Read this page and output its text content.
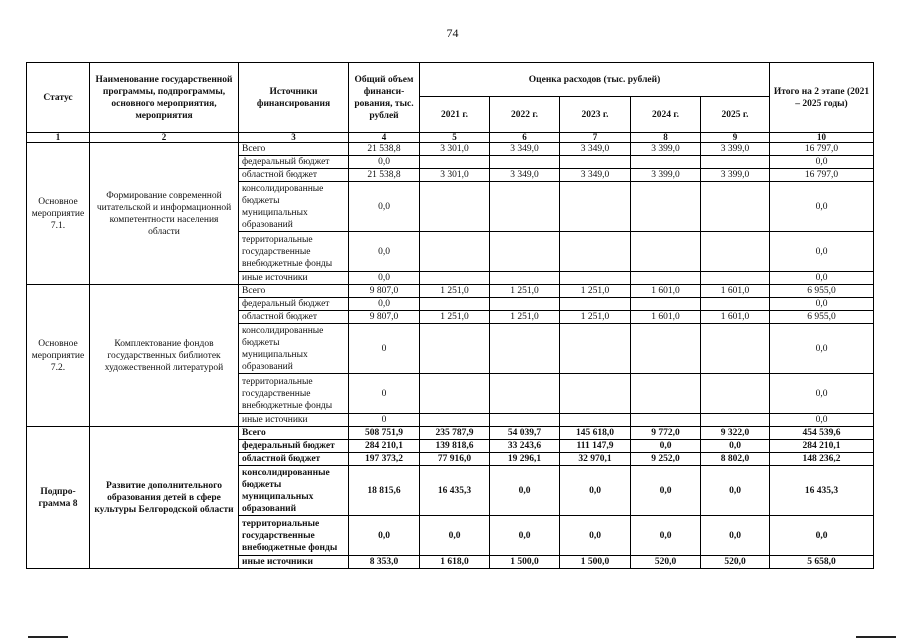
74
Статус	Наименование государственной программы, подпрограммы, основного мероприятия, мероприятия	Источники финансирования	Общий объем финанси-рования, тыс. рублей	Оценка расходов (тыс. рублей)					Итого на 2 этапе (2021 – 2025 годы)
				2021 г.	2022 г.	2023 г.	2024 г.	2025 г.	
1	2	3	4	5	6	7	8	9	10
Основное мероприятие 7.1.	Формирование современной читательской и информационной компетентности населения области	Всего	21 538,8	3 301,0	3 349,0	3 349,0	3 399,0	3 399,0	16 797,0
		федеральный бюджет	0,0						0,0
		областной бюджет	21 538,8	3 301,0	3 349,0	3 349,0	3 399,0	3 399,0	16 797,0
		консолидированные бюджеты муниципальных образований	0,0						0,0
		территориальные государственные внебюджетные фонды	0,0						0,0
		иные источники	0,0						0,0
Основное мероприятие 7.2.	Комплектование фондов государственных библиотек художественной литературой	Всего	9 807,0	1 251,0	1 251,0	1 251,0	1 601,0	1 601,0	6 955,0
		федеральный бюджет	0,0						0,0
		областной бюджет	9 807,0	1 251,0	1 251,0	1 251,0	1 601,0	1 601,0	6 955,0
		консолидированные бюджеты муниципальных образований	0						0,0
		территориальные государственные внебюджетные фонды	0						0,0
		иные источники	0						0,0
Подпро-грамма 8	Развитие дополнительного образования детей в сфере культуры Белгородской области	Всего	508 751,9	235 787,9	54 039,7	145 618,0	9 772,0	9 322,0	454 539,6
		федеральный бюджет	284 210,1	139 818,6	33 243,6	111 147,9	0,0	0,0	284 210,1
		областной бюджет	197 373,2	77 916,0	19 296,1	32 970,1	9 252,0	8 802,0	148 236,2
		консолидированные бюджеты муниципальных образований	18 815,6	16 435,3	0,0	0,0	0,0	0,0	16 435,3
		территориальные государственные внебюджетные фонды	0,0	0,0	0,0	0,0	0,0	0,0	0,0
		иные источники	8 353,0	1 618,0	1 500,0	1 500,0	520,0	520,0	5 658,0
